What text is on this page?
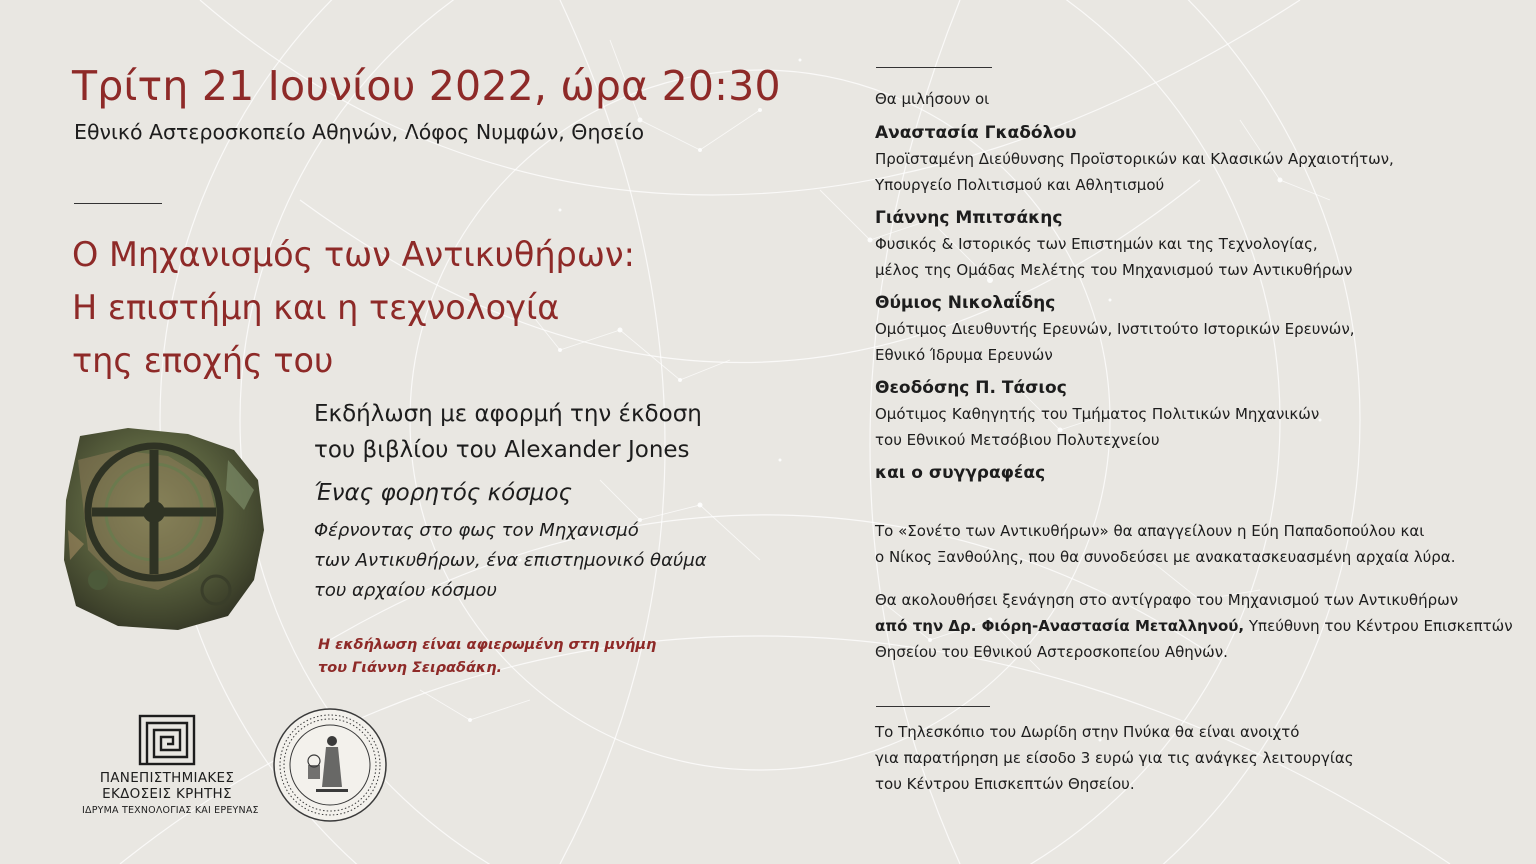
Τρίτη 21 Ιουνίου 2022, ώρα 20:30
Εθνικό Αστεροσκοπείο Αθηνών, Λόφος Νυμφών, Θησείο
Ο Μηχανισμός των Αντικυθήρων:
Η επιστήμη και η τεχνολογία
της εποχής του
Εκδήλωση με αφορμή την έκδοση
του βιβλίου του Alexander Jones
Ένας φορητός κόσμος
Φέρνοντας στο φως τον Μηχανισμό
των Αντικυθήρων, ένα επιστημονικό θαύμα
του αρχαίου κόσμου
Η εκδήλωση είναι αφιερωμένη στη μνήμη
του Γιάννη Σειραδάκη.
ΠΑΝΕΠΙΣΤΗΜΙΑΚΕΣ
ΕΚΔΟΣΕΙΣ ΚΡΗΤΗΣ
ΙΔΡΥΜΑ ΤΕΧΝΟΛΟΓΙΑΣ ΚΑΙ ΕΡΕΥΝΑΣ
Θα μιλήσουν οι
Αναστασία Γκαδόλου
Προϊσταμένη Διεύθυνσης Προϊστορικών και Κλασικών Αρχαιοτήτων,
Υπουργείο Πολιτισμού και Αθλητισμού
Γιάννης Μπιτσάκης
Φυσικός & Ιστορικός των Επιστημών και της Τεχνολογίας,
μέλος της Ομάδας Μελέτης του Μηχανισμού των Αντικυθήρων
Θύμιος Νικολαΐδης
Ομότιμος Διευθυντής Ερευνών, Ινστιτούτο Ιστορικών Ερευνών,
Εθνικό Ίδρυμα Ερευνών
Θεοδόσης Π. Τάσιος
Ομότιμος Καθηγητής του Τμήματος Πολιτικών Μηχανικών
του Εθνικού Μετσόβιου Πολυτεχνείου
και ο συγγραφέας
Το «Σονέτο των Αντικυθήρων» θα απαγγείλουν η Εύη Παπαδοπούλου και
ο Νίκος Ξανθούλης, που θα συνοδεύσει με ανακατασκευασμένη αρχαία λύρα.
Θα ακολουθήσει ξενάγηση στο αντίγραφο του Μηχανισμού των Αντικυθήρων
από την Δρ. Φιόρη-Αναστασία Μεταλληνού, Υπεύθυνη του Κέντρου Επισκεπτών
Θησείου του Εθνικού Αστεροσκοπείου Αθηνών.
Το Τηλεσκόπιο του Δωρίδη στην Πνύκα θα είναι ανοιχτό
για παρατήρηση με είσοδο 3 ευρώ για τις ανάγκες λειτουργίας
του Κέντρου Επισκεπτών Θησείου.
